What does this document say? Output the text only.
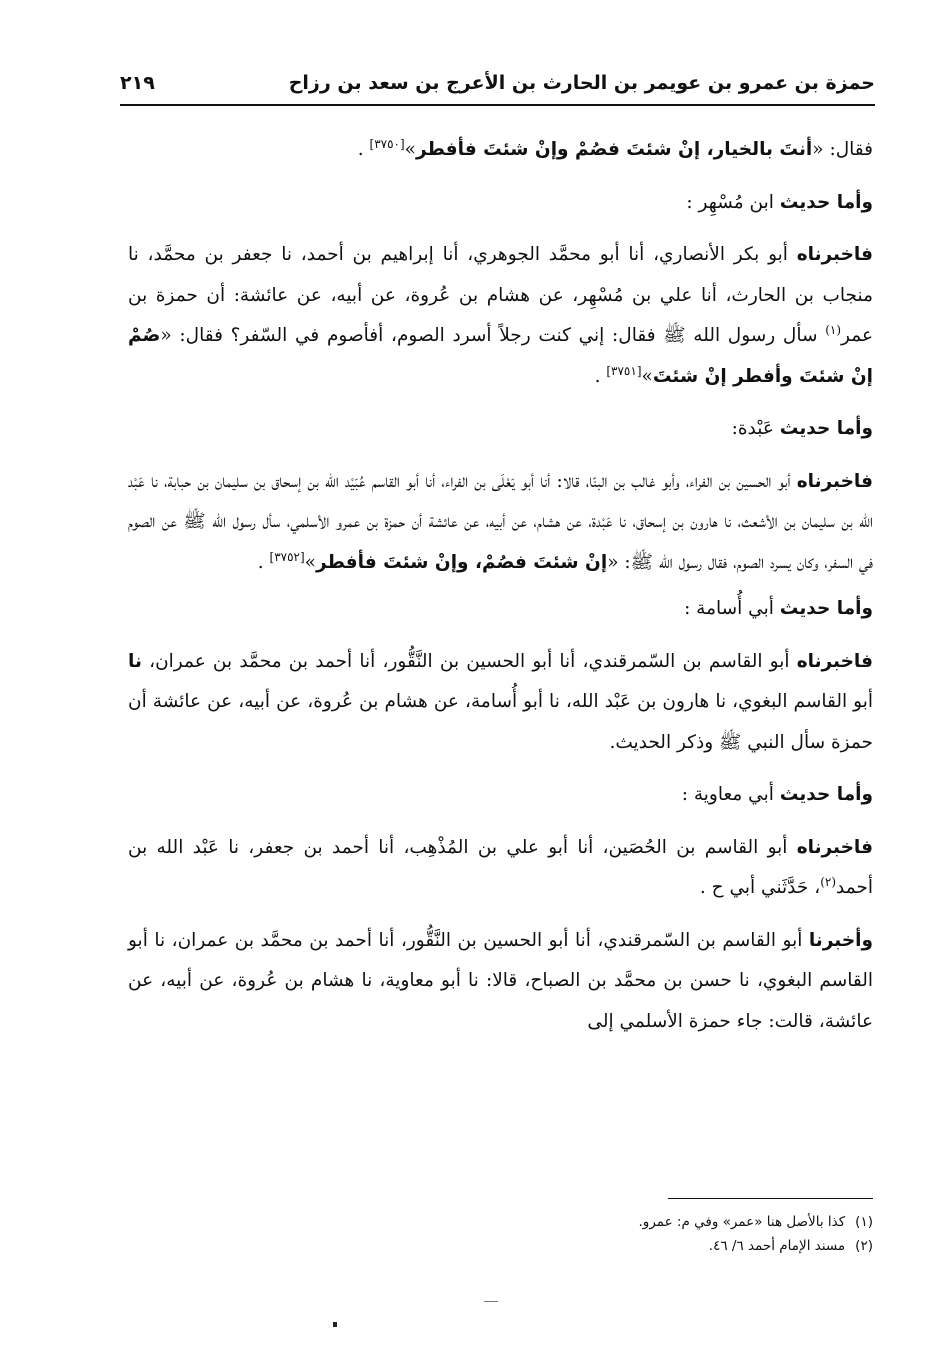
حمزة بن عمرو بن عويمر بن الحارث بن الأعرج بن سعد بن رزاح
٢١٩

فقال: «أنتَ بالخيار، إنْ شئتَ فصُمْ وإنْ شئتَ فأفطر»[٣٧٥٠] .

وأما حديث ابن مُسْهِر :

فاخبرناه أبو بكر الأنصاري، أنا أبو محمَّد الجوهري، أنا إبراهيم بن أحمد، نا جعفر بن محمَّد، نا منجاب بن الحارث، أنا علي بن مُسْهِر، عن هشام بن عُروة، عن أبيه، عن عائشة: أن حمزة بن عمر$^{(١)}$ سأل رسول الله ﷺ فقال: إني كنت رجلاً أسرد الصوم، أفأصوم في السّفر؟ فقال: «صُمْ إنْ شئتَ وأفطر إنْ شئتَ»[٣٧٥١] .

وأما حديث عَبْدة:

فاخبرناه أبو الحسين بن الفراء، وأبو غالب بن البنّا، قالا: أنا أبو يَعْلَى بن الفراء، أنا أبو القاسم عُبَيْد الله بن إسحاق بن سليمان بن حبابة، نا عَبْد الله بن سليمان بن الأشعث، نا هارون بن إسحاق، نا عَبْدة، عن هشام، عن أبيه، عن عائشة أن حمزة بن عمرو الأسلمي، سأل رسول الله ﷺ عن الصوم في السفر، وكان يسرد الصوم، فقال رسول الله ﷺ: «إنْ شئتَ فصُمْ، وإنْ شئتَ فأفطر»[٣٧٥٢] .

وأما حديث أبي أُسامة :

فاخبرناه أبو القاسم بن السّمرقندي، أنا أبو الحسين بن النَّقُّور، أنا أحمد بن محمَّد بن عمران، نا أبو القاسم البغوي، نا هارون بن عَبْد الله، نا أبو أُسامة، عن هشام بن عُروة، عن أبيه، عن عائشة أن حمزة سأل النبي ﷺ وذكر الحديث.

وأما حديث أبي معاوية :

فاخبرناه أبو القاسم بن الحُصَين، أنا أبو علي بن المُذْهِب، أنا أحمد بن جعفر، نا عَبْد الله بن أحمد$^{(٢)}$، حَدَّثَني أبي ح .

وأخبرنا أبو القاسم بن السّمرقندي، أنا أبو الحسين بن النَّقُّور، أنا أحمد بن محمَّد بن عمران، نا أبو القاسم البغوي، نا حسن بن محمَّد بن الصباح، قالا: نا أبو معاوية، نا هشام بن عُروة، عن أبيه، عن عائشة، قالت: جاء حمزة الأسلمي إلى

(١)كذا بالأصل هنا «عمر» وفي م: عمرو.
(٢)مسند الإمام أحمد ٦/ ٤٦.
